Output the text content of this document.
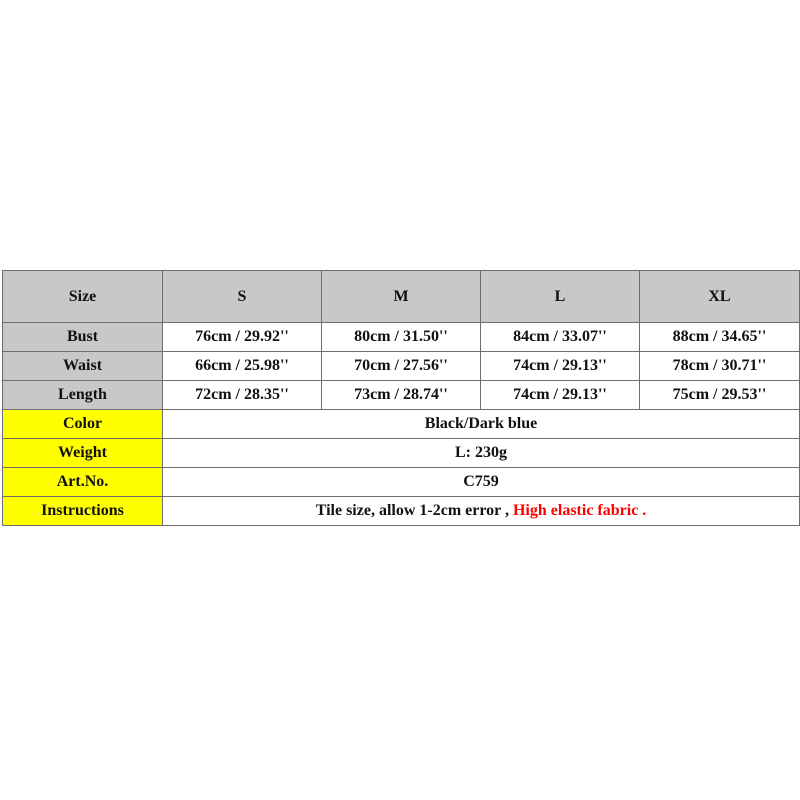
Size	S	M	L	XL
Bust	76cm / 29.92''	80cm / 31.50''	84cm / 33.07''	88cm / 34.65''
Waist	66cm / 25.98''	70cm / 27.56''	74cm / 29.13''	78cm / 30.71''
Length	72cm / 28.35''	73cm / 28.74''	74cm / 29.13''	75cm / 29.53''
Color	Black/Dark blue			
Weight	L: 230g			
Art.No.	C759			
Instructions	Tile size, allow 1-2cm error , High elastic fabric .			
